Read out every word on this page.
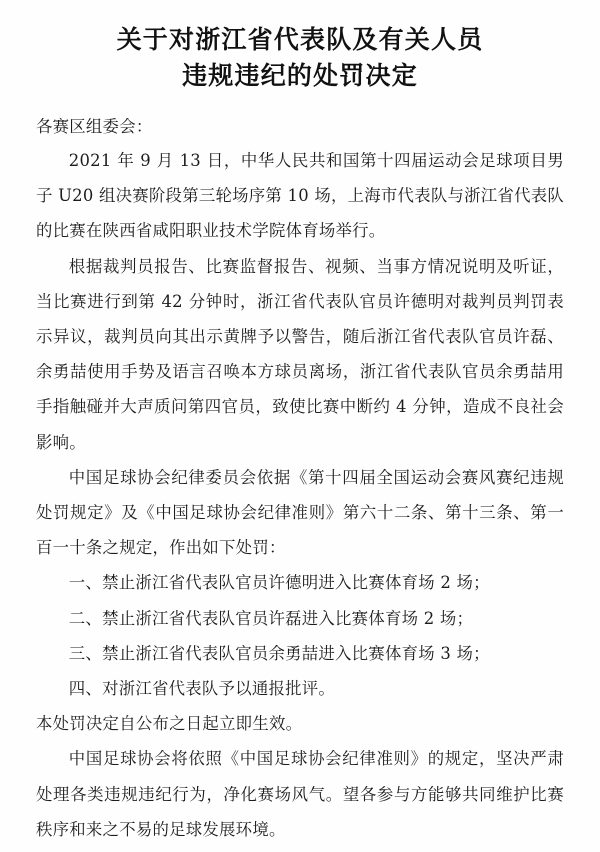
关于对浙江省代表队及有关人员
违规违纪的处罚决定

各赛区组委会：

2021 年 9 月 13 日，中华人民共和国第十四届运动会足球项目男子 U20 组决赛阶段第三轮场序第 10 场，上海市代表队与浙江省代表队的比赛在陕西省咸阳职业技术学院体育场举行。

根据裁判员报告、比赛监督报告、视频、当事方情况说明及听证，当比赛进行到第 42 分钟时，浙江省代表队官员许德明对裁判员判罚表示异议，裁判员向其出示黄牌予以警告，随后浙江省代表队官员许磊、余勇喆使用手势及语言召唤本方球员离场，浙江省代表队官员余勇喆用手指触碰并大声质问第四官员，致使比赛中断约 4 分钟，造成不良社会影响。

中国足球协会纪律委员会依据《第十四届全国运动会赛风赛纪违规处罚规定》及《中国足球协会纪律准则》第六十二条、第十三条、第一百一十条之规定，作出如下处罚：

一、禁止浙江省代表队官员许德明进入比赛体育场 2 场；

二、禁止浙江省代表队官员许磊进入比赛体育场 2 场；

三、禁止浙江省代表队官员余勇喆进入比赛体育场 3 场；

四、对浙江省代表队予以通报批评。

本处罚决定自公布之日起立即生效。

中国足球协会将依照《中国足球协会纪律准则》的规定，坚决严肃处理各类违规违纪行为，净化赛场风气。望各参与方能够共同维护比赛秩序和来之不易的足球发展环境。
